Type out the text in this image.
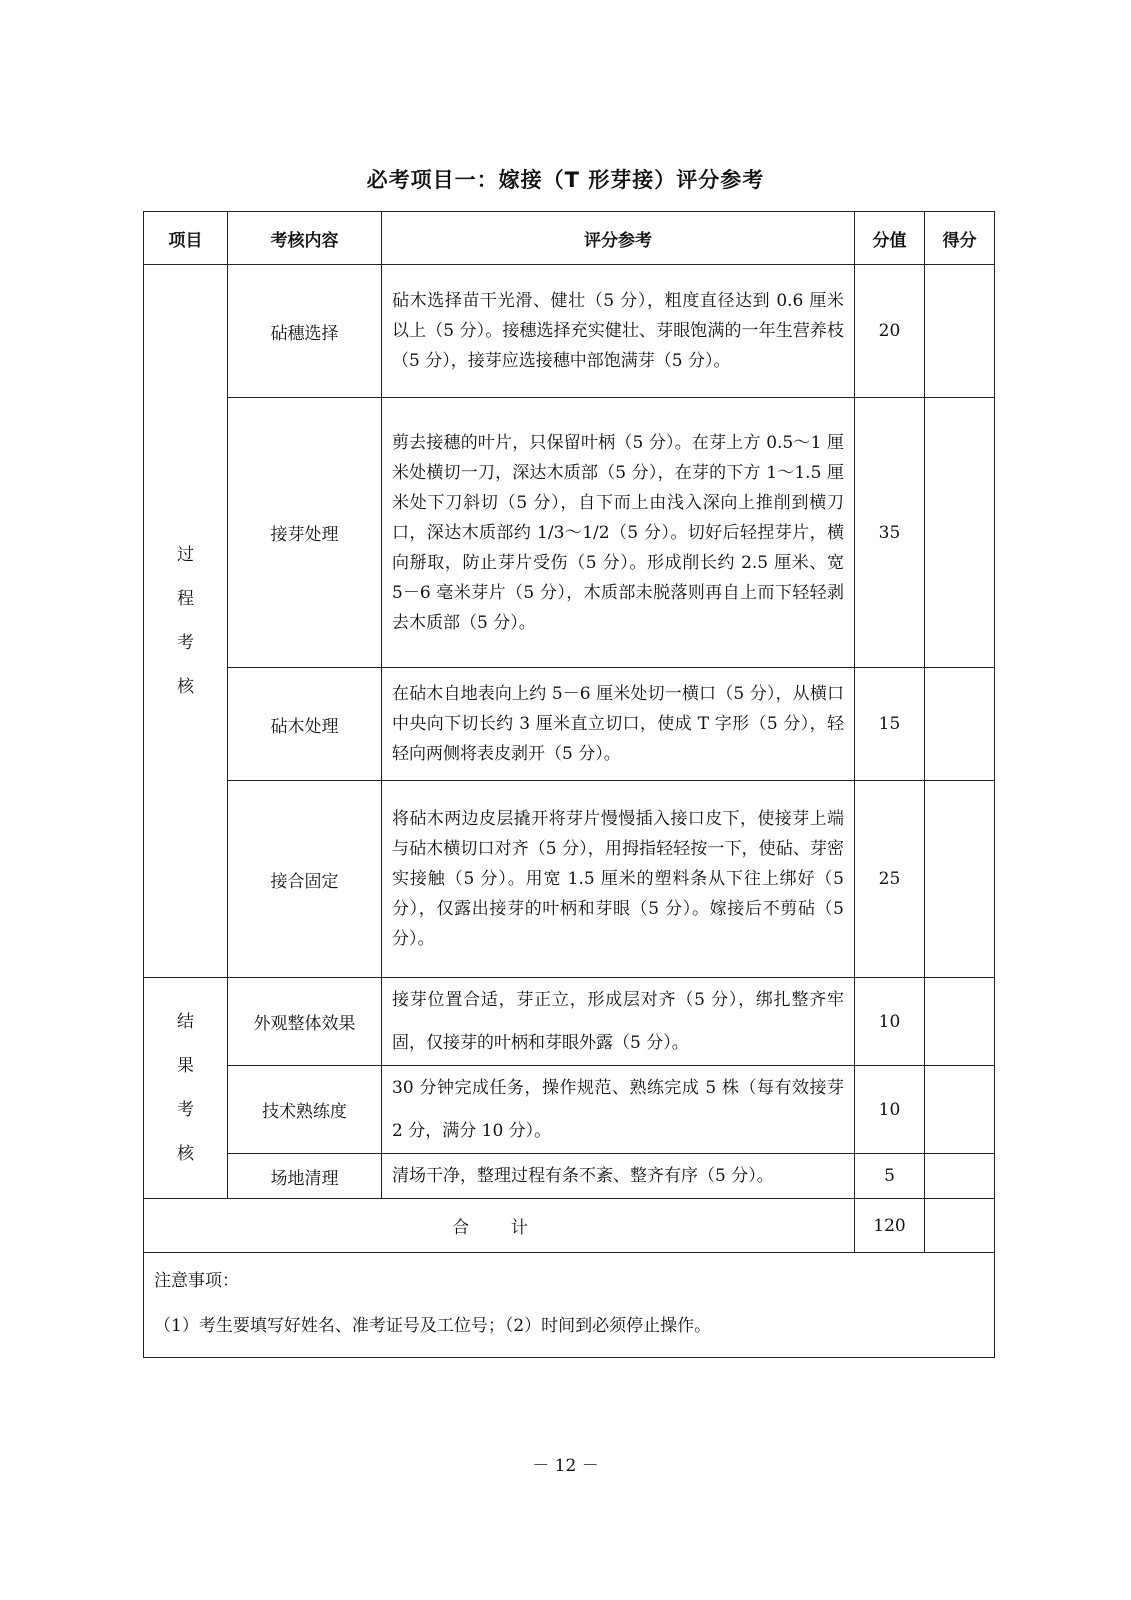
必考项目一：嫁接（T 形芽接）评分参考
项目	考核内容	评分参考	分值	得分
过程考核	砧穗选择	砧木选择苗干光滑、健壮（5 分），粗度直径达到 0.6 厘米以上（5 分）。接穗选择充实健壮、芽眼饱满的一年生营养枝（5 分），接芽应选接穗中部饱满芽（5 分）。	20	
	接芽处理	剪去接穗的叶片，只保留叶柄（5 分）。在芽上方 0.5～1 厘米处横切一刀，深达木质部（5 分），在芽的下方 1～1.5 厘米处下刀斜切（5 分），自下而上由浅入深向上推削到横刀口，深达木质部约 1/3～1/2（5 分）。切好后轻捏芽片，横向掰取，防止芽片受伤（5 分）。形成削长约 2.5 厘米、宽 5－6 毫米芽片（5 分），木质部未脱落则再自上而下轻轻剥去木质部（5 分）。	35	
	砧木处理	在砧木自地表向上约 5－6 厘米处切一横口（5 分），从横口中央向下切长约 3 厘米直立切口，使成 T 字形（5 分），轻轻向两侧将表皮剥开（5 分）。	15	
	接合固定	将砧木两边皮层撬开将芽片慢慢插入接口皮下，使接芽上端与砧木横切口对齐（5 分），用拇指轻轻按一下，使砧、芽密实接触（5 分）。用宽 1.5 厘米的塑料条从下往上绑好（5 分），仅露出接芽的叶柄和芽眼（5 分）。嫁接后不剪砧（5 分）。	25	
结果考核	外观整体效果	接芽位置合适，芽正立，形成层对齐（5 分），绑扎整齐牢固，仅接芽的叶柄和芽眼外露（5 分）。	10	
	技术熟练度	30 分钟完成任务，操作规范、熟练完成 5 株（每有效接芽 2 分，满分 10 分）。	10	
	场地清理	清场干净，整理过程有条不紊、整齐有序（5 分）。	5	
合 计			120	

注意事项：
（1）考生要填写好姓名、准考证号及工位号；（2）时间到必须停止操作。				
－ 12 －
